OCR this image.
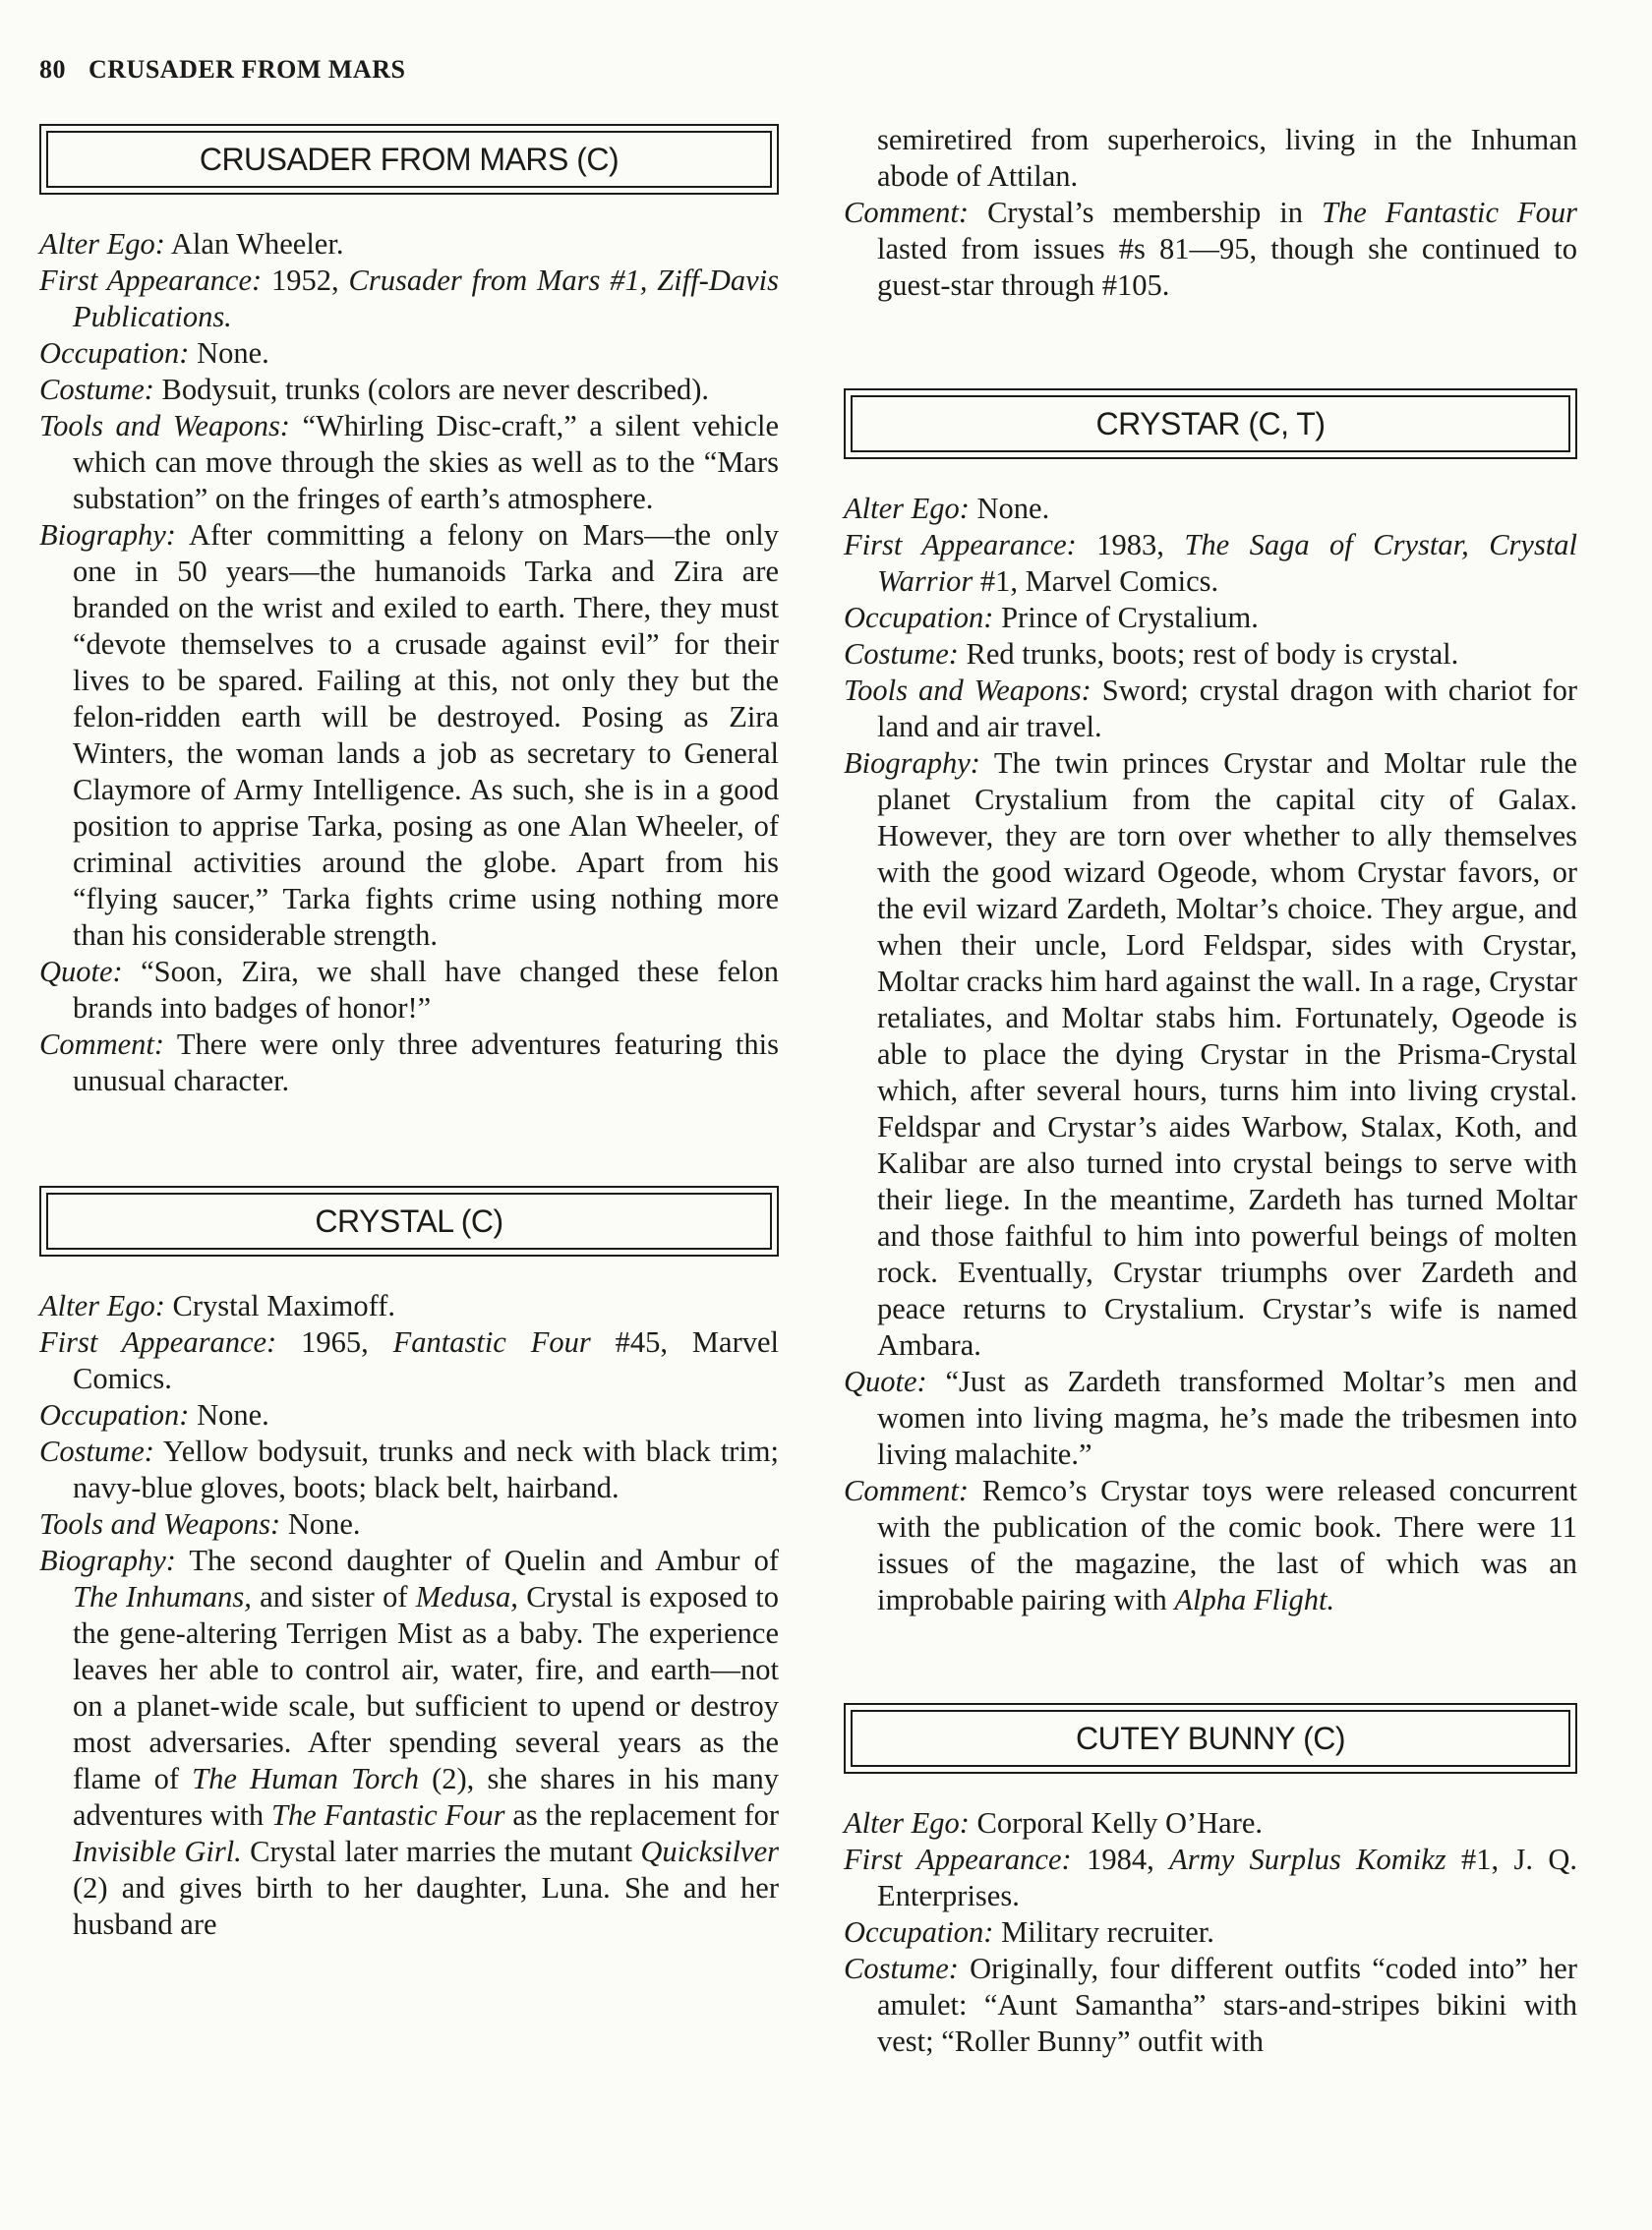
80 CRUSADER FROM MARS
CRUSADER FROM MARS (C)

Alter Ego: Alan Wheeler.

First Appearance: 1952, Crusader from Mars #1, Ziff-Davis Publications.

Occupation: None.

Costume: Bodysuit, trunks (colors are never described).

Tools and Weapons: “Whirling Disc-craft,” a silent vehicle which can move through the skies as well as to the “Mars substation” on the fringes of earth’s atmosphere.

Biography: After committing a felony on Mars—the only one in 50 years—the humanoids Tarka and Zira are branded on the wrist and exiled to earth. There, they must “devote themselves to a crusade against evil” for their lives to be spared. Failing at this, not only they but the felon-ridden earth will be destroyed. Posing as Zira Winters, the woman lands a job as secretary to General Claymore of Army Intelligence. As such, she is in a good position to apprise Tarka, posing as one Alan Wheeler, of criminal activities around the globe. Apart from his “flying saucer,” Tarka fights crime using nothing more than his considerable strength.

Quote: “Soon, Zira, we shall have changed these felon brands into badges of honor!”

Comment: There were only three adventures featuring this unusual character.

CRYSTAL (C)

Alter Ego: Crystal Maximoff.

First Appearance: 1965, Fantastic Four #45, Marvel Comics.

Occupation: None.

Costume: Yellow bodysuit, trunks and neck with black trim; navy-blue gloves, boots; black belt, hairband.

Tools and Weapons: None.

Biography: The second daughter of Quelin and Ambur of The Inhumans, and sister of Medusa, Crystal is exposed to the gene-altering Terrigen Mist as a baby. The experience leaves her able to control air, water, fire, and earth—not on a planet-wide scale, but sufficient to upend or destroy most adversaries. After spending several years as the flame of The Human Torch (2), she shares in his many adventures with The Fantastic Four as the replacement for Invisible Girl. Crystal later marries the mutant Quicksilver (2) and gives birth to her daughter, Luna. She and her husband are

semiretired from superheroics, living in the Inhuman abode of Attilan.

Comment: Crystal’s membership in The Fantastic Four lasted from issues #s 81—95, though she continued to guest-star through #105.

CRYSTAR (C, T)

Alter Ego: None.

First Appearance: 1983, The Saga of Crystar, Crystal Warrior #1, Marvel Comics.

Occupation: Prince of Crystalium.

Costume: Red trunks, boots; rest of body is crystal.

Tools and Weapons: Sword; crystal dragon with chariot for land and air travel.

Biography: The twin princes Crystar and Moltar rule the planet Crystalium from the capital city of Galax. However, they are torn over whether to ally themselves with the good wizard Ogeode, whom Crystar favors, or the evil wizard Zardeth, Moltar’s choice. They argue, and when their uncle, Lord Feldspar, sides with Crystar, Moltar cracks him hard against the wall. In a rage, Crystar retaliates, and Moltar stabs him. Fortunately, Ogeode is able to place the dying Crystar in the Prisma-Crystal which, after several hours, turns him into living crystal. Feldspar and Crystar’s aides Warbow, Stalax, Koth, and Kalibar are also turned into crystal beings to serve with their liege. In the meantime, Zardeth has turned Moltar and those faithful to him into powerful beings of molten rock. Eventually, Crystar triumphs over Zardeth and peace returns to Crystalium. Crystar’s wife is named Ambara.

Quote: “Just as Zardeth transformed Moltar’s men and women into living magma, he’s made the tribesmen into living malachite.”

Comment: Remco’s Crystar toys were released concurrent with the publication of the comic book. There were 11 issues of the magazine, the last of which was an improbable pairing with Alpha Flight.

CUTEY BUNNY (C)

Alter Ego: Corporal Kelly O’Hare.

First Appearance: 1984, Army Surplus Komikz #1, J. Q. Enterprises.

Occupation: Military recruiter.

Costume: Originally, four different outfits “coded into” her amulet: “Aunt Samantha” stars-and-stripes bikini with vest; “Roller Bunny” outfit with
